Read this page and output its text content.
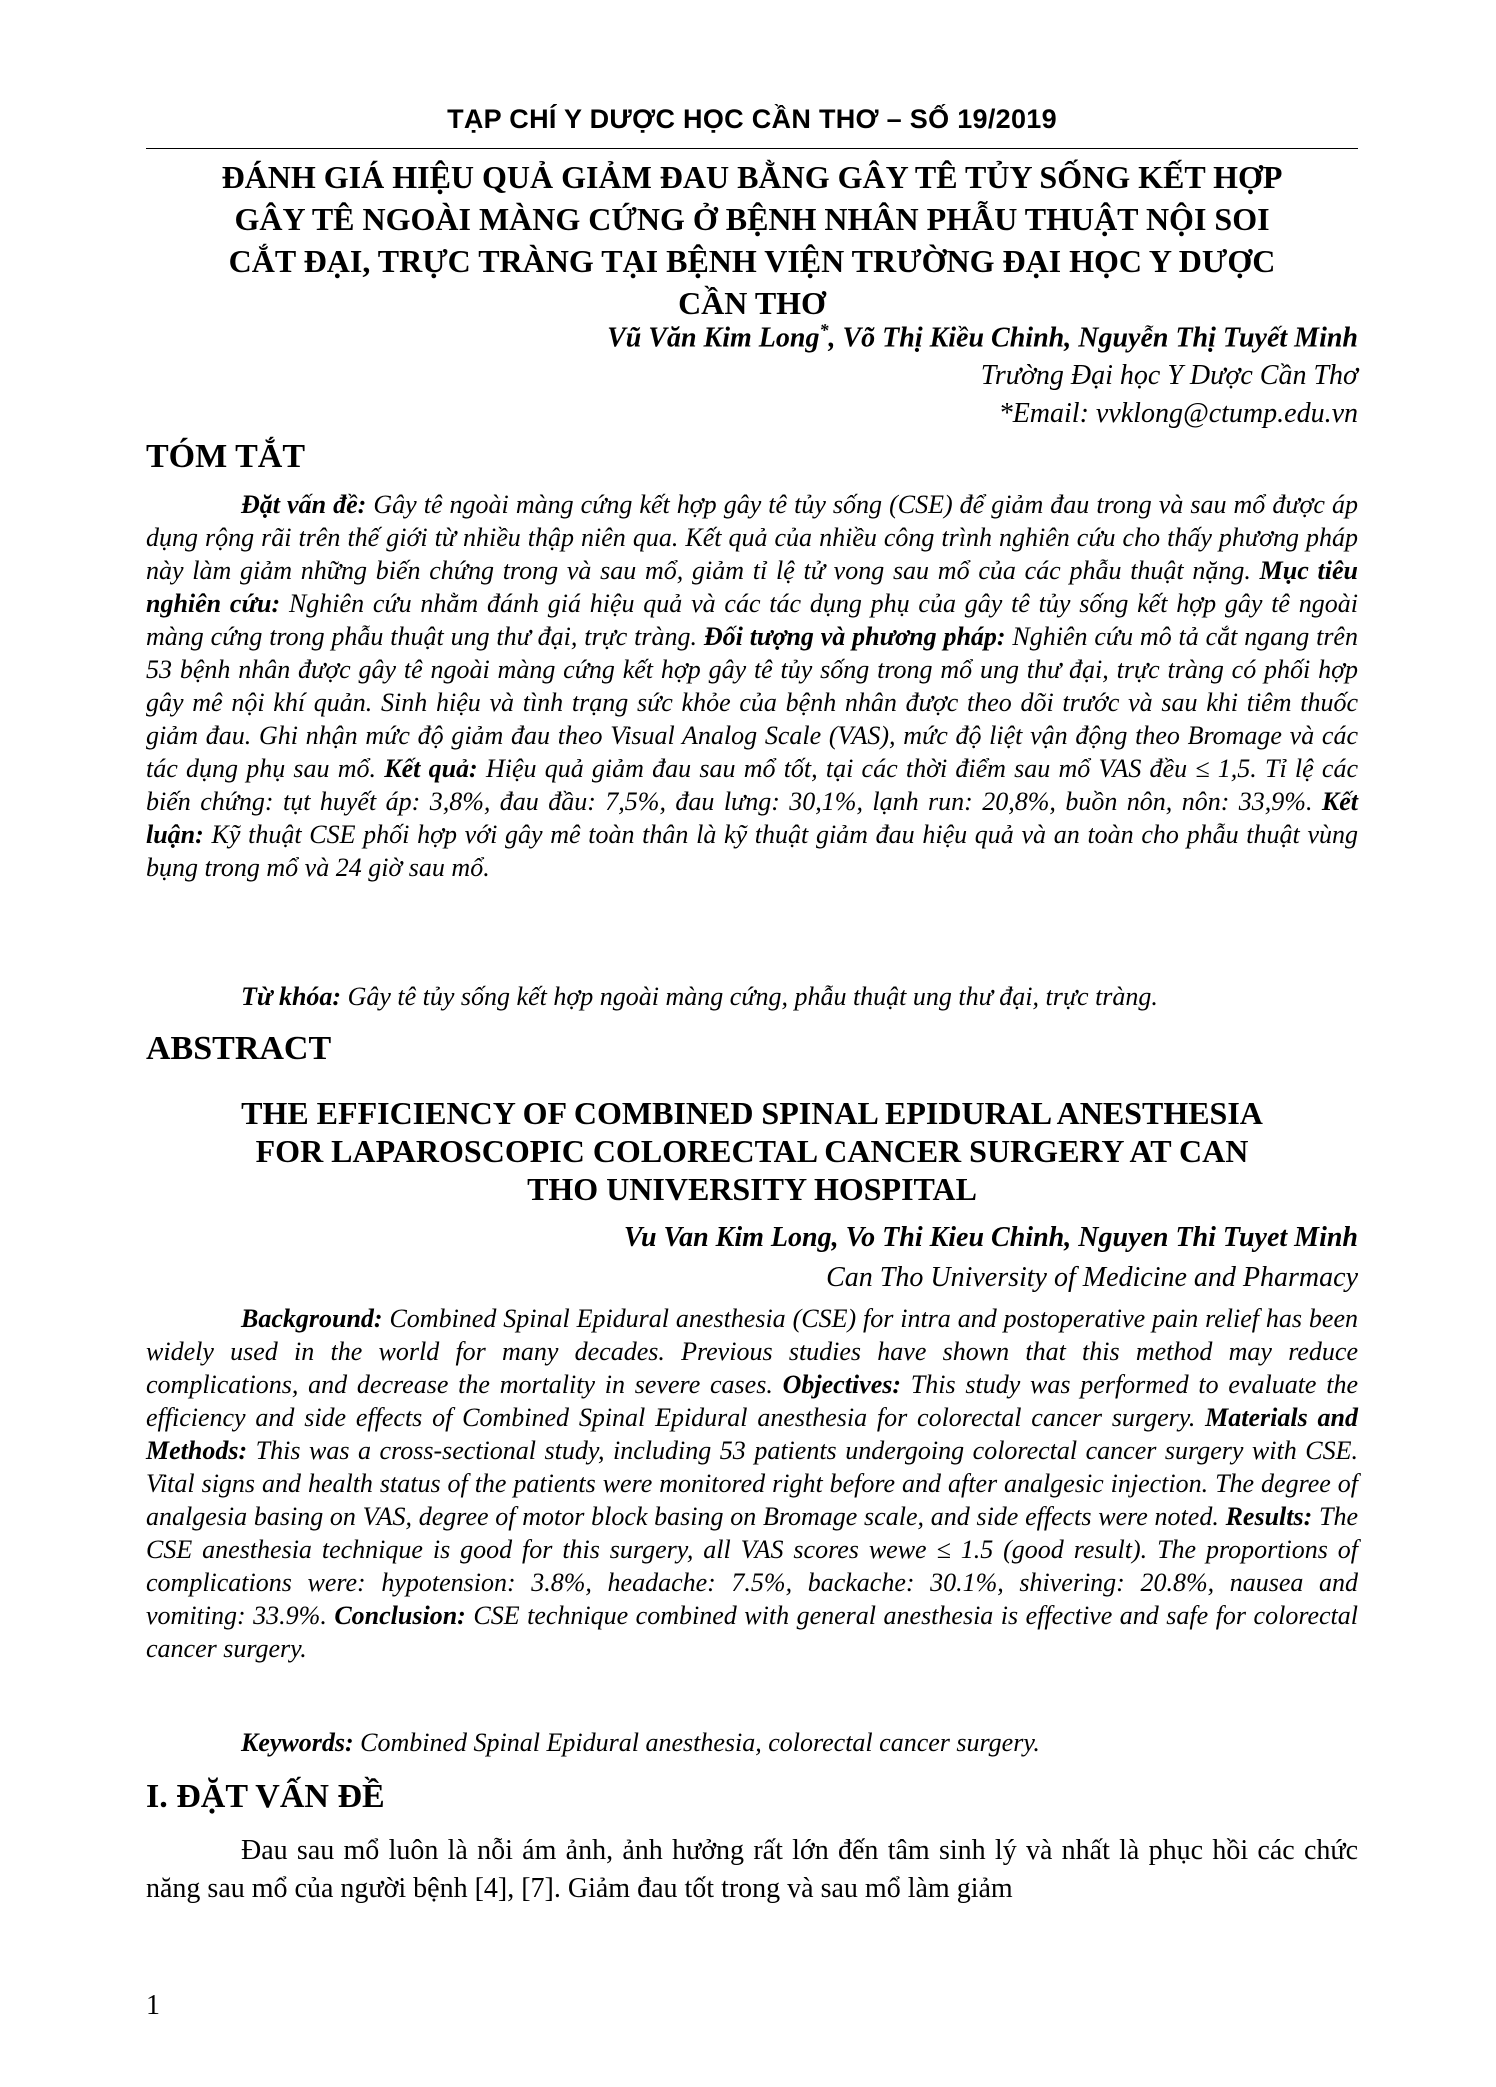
TẠP CHÍ Y DƯỢC HỌC CẦN THƠ – SỐ 19/2019
ĐÁNH GIÁ HIỆU QUẢ GIẢM ĐAU BẰNG GÂY TÊ TỦY SỐNG KẾT HỢP
GÂY TÊ NGOÀI MÀNG CỨNG Ở BỆNH NHÂN PHẪU THUẬT NỘI SOI
CẮT ĐẠI, TRỰC TRÀNG TẠI BỆNH VIỆN TRƯỜNG ĐẠI HỌC Y DƯỢC
CẦN THƠ
Vũ Văn Kim Long*, Võ Thị Kiều Chinh, Nguyễn Thị Tuyết Minh
Trường Đại học Y Dược Cần Thơ
*Email: vvklong@ctump.edu.vn
TÓM TẮT
Đặt vấn đề: Gây tê ngoài màng cứng kết hợp gây tê tủy sống (CSE) để giảm đau trong và sau mổ được áp dụng rộng rãi trên thế giới từ nhiều thập niên qua. Kết quả của nhiều công trình nghiên cứu cho thấy phương pháp này làm giảm những biến chứng trong và sau mổ, giảm tỉ lệ tử vong sau mổ của các phẫu thuật nặng. Mục tiêu nghiên cứu: Nghiên cứu nhằm đánh giá hiệu quả và các tác dụng phụ của gây tê tủy sống kết hợp gây tê ngoài màng cứng trong phẫu thuật ung thư đại, trực tràng. Đối tượng và phương pháp: Nghiên cứu mô tả cắt ngang trên 53 bệnh nhân được gây tê ngoài màng cứng kết hợp gây tê tủy sống trong mổ ung thư đại, trực tràng có phối hợp gây mê nội khí quản. Sinh hiệu và tình trạng sức khỏe của bệnh nhân được theo dõi trước và sau khi tiêm thuốc giảm đau. Ghi nhận mức độ giảm đau theo Visual Analog Scale (VAS), mức độ liệt vận động theo Bromage và các tác dụng phụ sau mổ. Kết quả: Hiệu quả giảm đau sau mổ tốt, tại các thời điểm sau mổ VAS đều ≤ 1,5. Tỉ lệ các biến chứng: tụt huyết áp: 3,8%, đau đầu: 7,5%, đau lưng: 30,1%, lạnh run: 20,8%, buồn nôn, nôn: 33,9%. Kết luận: Kỹ thuật CSE phối hợp với gây mê toàn thân là kỹ thuật giảm đau hiệu quả và an toàn cho phẫu thuật vùng bụng trong mổ và 24 giờ sau mổ.
Từ khóa: Gây tê tủy sống kết hợp ngoài màng cứng, phẫu thuật ung thư đại, trực tràng.
ABSTRACT
THE EFFICIENCY OF COMBINED SPINAL EPIDURAL ANESTHESIA
FOR LAPAROSCOPIC COLORECTAL CANCER SURGERY AT CAN
THO UNIVERSITY HOSPITAL
Vu Van Kim Long, Vo Thi Kieu Chinh, Nguyen Thi Tuyet Minh
Can Tho University of Medicine and Pharmacy
Background: Combined Spinal Epidural anesthesia (CSE) for intra and postoperative pain relief has been widely used in the world for many decades. Previous studies have shown that this method may reduce complications, and decrease the mortality in severe cases. Objectives: This study was performed to evaluate the efficiency and side effects of Combined Spinal Epidural anesthesia for colorectal cancer surgery. Materials and Methods: This was a cross-sectional study, including 53 patients undergoing colorectal cancer surgery with CSE. Vital signs and health status of the patients were monitored right before and after analgesic injection. The degree of analgesia basing on VAS, degree of motor block basing on Bromage scale, and side effects were noted. Results: The CSE anesthesia technique is good for this surgery, all VAS scores wewe ≤ 1.5 (good result). The proportions of complications were: hypotension: 3.8%, headache: 7.5%, backache: 30.1%, shivering: 20.8%, nausea and vomiting: 33.9%. Conclusion: CSE technique combined with general anesthesia is effective and safe for colorectal cancer surgery.
Keywords: Combined Spinal Epidural anesthesia, colorectal cancer surgery.
I. ĐẶT VẤN ĐỀ
Đau sau mổ luôn là nỗi ám ảnh, ảnh hưởng rất lớn đến tâm sinh lý và nhất là phục hồi các chức năng sau mổ của người bệnh [4], [7]. Giảm đau tốt trong và sau mổ làm giảm
1
